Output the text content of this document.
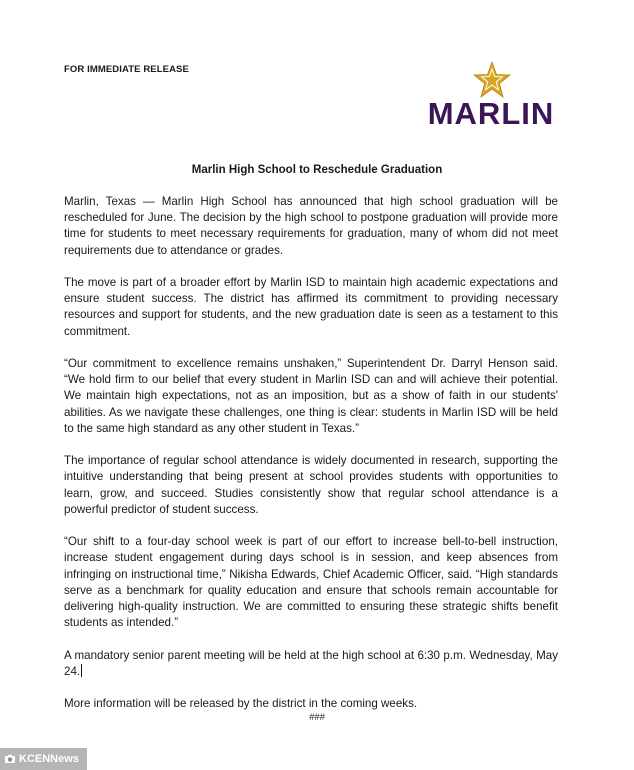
FOR IMMEDIATE RELEASE
MARLIN
Marlin High School to Reschedule Graduation

Marlin, Texas — Marlin High School has announced that high school graduation will be rescheduled for June. The decision by the high school to postpone graduation will provide more time for students to meet necessary requirements for graduation, many of whom did not meet requirements due to attendance or grades.

The move is part of a broader effort by Marlin ISD to maintain high academic expectations and ensure student success. The district has affirmed its commitment to providing necessary resources and support for students, and the new graduation date is seen as a testament to this commitment.

“Our commitment to excellence remains unshaken,” Superintendent Dr. Darryl Henson said. “We hold firm to our belief that every student in Marlin ISD can and will achieve their potential. We maintain high expectations, not as an imposition, but as a show of faith in our students' abilities. As we navigate these challenges, one thing is clear: students in Marlin ISD will be held to the same high standard as any other student in Texas.”

The importance of regular school attendance is widely documented in research, supporting the intuitive understanding that being present at school provides students with opportunities to learn, grow, and succeed. Studies consistently show that regular school attendance is a powerful predictor of student success.

“Our shift to a four-day school week is part of our effort to increase bell-to-bell instruction, increase student engagement during days school is in session, and keep absences from infringing on instructional time,” Nikisha Edwards, Chief Academic Officer, said. “High standards serve as a benchmark for quality education and ensure that schools remain accountable for delivering high-quality instruction. We are committed to ensuring these strategic shifts benefit students as intended.”

A mandatory senior parent meeting will be held at the high school at 6:30 p.m. Wednesday, May 24.

More information will be released by the district in the coming weeks.

###
KCENNews
